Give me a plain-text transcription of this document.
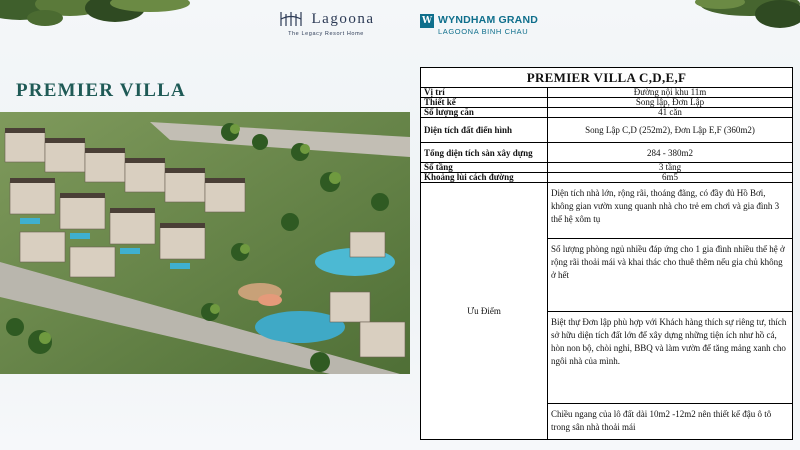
Lagoona
The Legacy Resort Home
W WYNDHAM GRAND
LAGOONA BINH CHAU
PREMIER VILLA
PREMIER VILLA C,D,E,F	
Vị trí	Đường nội khu 11m
Thiết kế	Song lập, Đơn Lập
Số lượng căn	41 căn
Diện tích đất điển hình	Song Lập C,D (252m2), Đơn Lập E,F (360m2)
Tổng diện tích sàn xây dựng	284 - 380m2
Số tầng	3 tầng
Khoảng lùi cách đường	6m5
Ưu Điểm	Diện tích nhà lớn, rộng rãi, thoáng đãng, có đầy đủ Hồ Bơi, không gian vườn xung quanh nhà cho trẻ em chơi và gia đình 3 thế hệ xôm tụ
	Số lượng phòng ngủ nhiều đáp ứng cho 1 gia đình nhiều thế hệ ở rộng rãi thoải mái và khai thác cho thuê thêm nếu gia chủ không ở hết
	Biệt thự Đơn lập phù hợp với Khách hàng thích sự riêng tư, thích sở hữu diện tích đất lớn để xây dựng những tiện ích như hồ cá, hòn non bộ, chòi nghỉ, BBQ và làm vườn để tăng mảng xanh cho ngôi nhà của mình.
	Chiều ngang của lô đất dài 10m2 -12m2 nên thiết kế đậu ô tô trong sân nhà thoải mái
